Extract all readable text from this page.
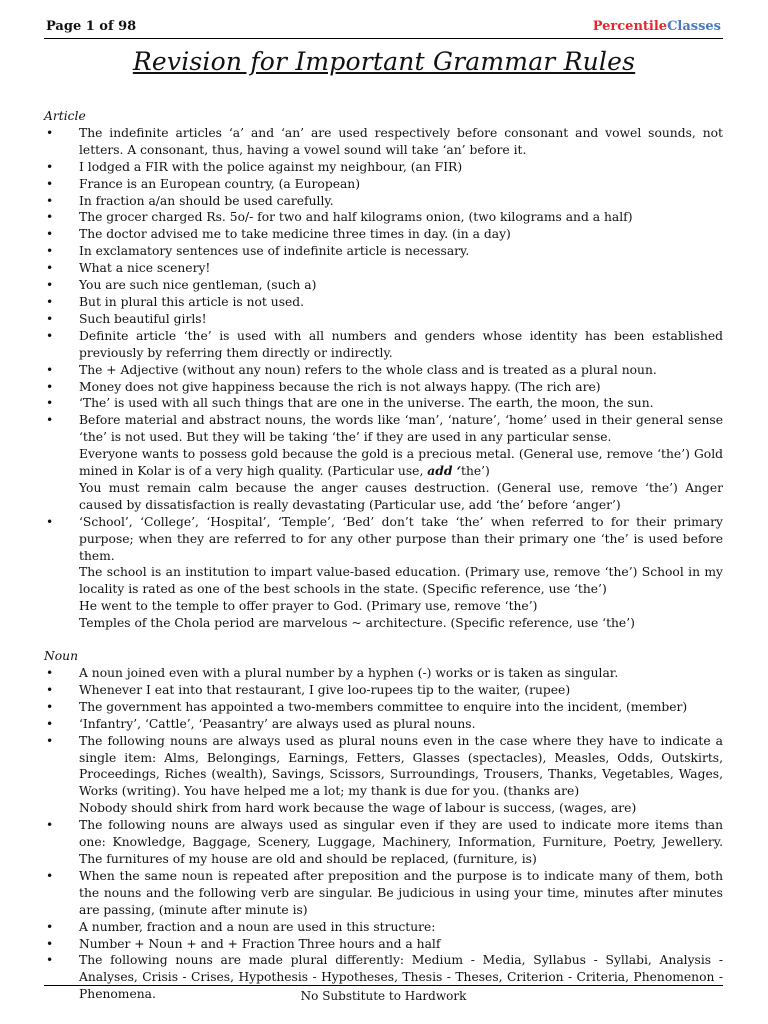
Page 1 of 98	PercentileClasses
Revision for Important Grammar Rules

Article

• The indefinite articles ‘a’ and ‘an’ are used respectively before consonant and vowel sounds, not letters. A consonant, thus, having a vowel sound will take ‘an’ before it.
• I lodged a FIR with the police against my neighbour, (an FIR)
• France is an European country, (a European)
• In fraction a/an should be used carefully.
• The grocer charged Rs. 5o/- for two and half kilograms onion, (two kilograms and a half)
• The doctor advised me to take medicine three times in day. (in a day)
• In exclamatory sentences use of indefinite article is necessary.
• What a nice scenery!
• You are such nice gentleman, (such a)
• But in plural this article is not used.
• Such beautiful girls!
• Definite article ‘the’ is used with all numbers and genders whose identity has been established previously by referring them directly or indirectly.
• The + Adjective (without any noun) refers to the whole class and is treated as a plural noun.
• Money does not give happiness because the rich is not always happy. (The rich are)
• ‘The’ is used with all such things that are one in the universe. The earth, the moon, the sun.
• Before material and abstract nouns, the words like ‘man’, ‘nature’, ‘home’ used in their general sense ‘the’ is not used. But they will be taking ‘the’ if they are used in any particular sense.
Everyone wants to possess gold because the gold is a precious metal. (General use, remove ‘the’) Gold mined in Kolar is of a very high quality. (Particular use, add ‘the’)
You must remain calm because the anger causes destruction. (General use, remove ‘the’) Anger caused by dissatisfaction is really devastating (Particular use, add ‘the’ before ‘anger’)
• ‘School’, ‘College’, ‘Hospital’, ‘Temple’, ‘Bed’ don’t take ‘the’ when referred to for their primary purpose; when they are referred to for any other purpose than their primary one ‘the’ is used before them.
The school is an institution to impart value-based education. (Primary use, remove ‘the’) School in my locality is rated as one of the best schools in the state. (Specific reference, use ‘the’)
He went to the temple to offer prayer to God. (Primary use, remove ‘the’)
Temples of the Chola period are marvelous ~ architecture. (Specific reference, use ‘the’)

Noun

• A noun joined even with a plural number by a hyphen (-) works or is taken as singular.
• Whenever I eat into that restaurant, I give loo-rupees tip to the waiter, (rupee)
• The government has appointed a two-members committee to enquire into the incident, (member)
• ‘Infantry’, ‘Cattle’, ‘Peasantry’ are always used as plural nouns.
• The following nouns are always used as plural nouns even in the case where they have to indicate a single item: Alms, Belongings, Earnings, Fetters, Glasses (spectacles), Measles, Odds, Outskirts, Proceedings, Riches (wealth), Savings, Scissors, Surroundings, Trousers, Thanks, Vegetables, Wages, Works (writing). You have helped me a lot; my thank is due for you. (thanks are)
Nobody should shirk from hard work because the wage of labour is success, (wages, are)
• The following nouns are always used as singular even if they are used to indicate more items than one: Knowledge, Baggage, Scenery, Luggage, Machinery, Information, Furniture, Poetry, Jewellery. The furnitures of my house are old and should be replaced, (furniture, is)
• When the same noun is repeated after preposition and the purpose is to indicate many of them, both the nouns and the following verb are singular. Be judicious in using your time, minutes after minutes are passing, (minute after minute is)
• A number, fraction and a noun are used in this structure:
• Number + Noun + and + Fraction Three hours and a half
• The following nouns are made plural differently: Medium - Media, Syllabus - Syllabi, Analysis -Analyses, Crisis - Crises, Hypothesis - Hypotheses, Thesis - Theses, Criterion - Criteria, Phenomenon -Phenomena.	No Substitute to Hardwork
